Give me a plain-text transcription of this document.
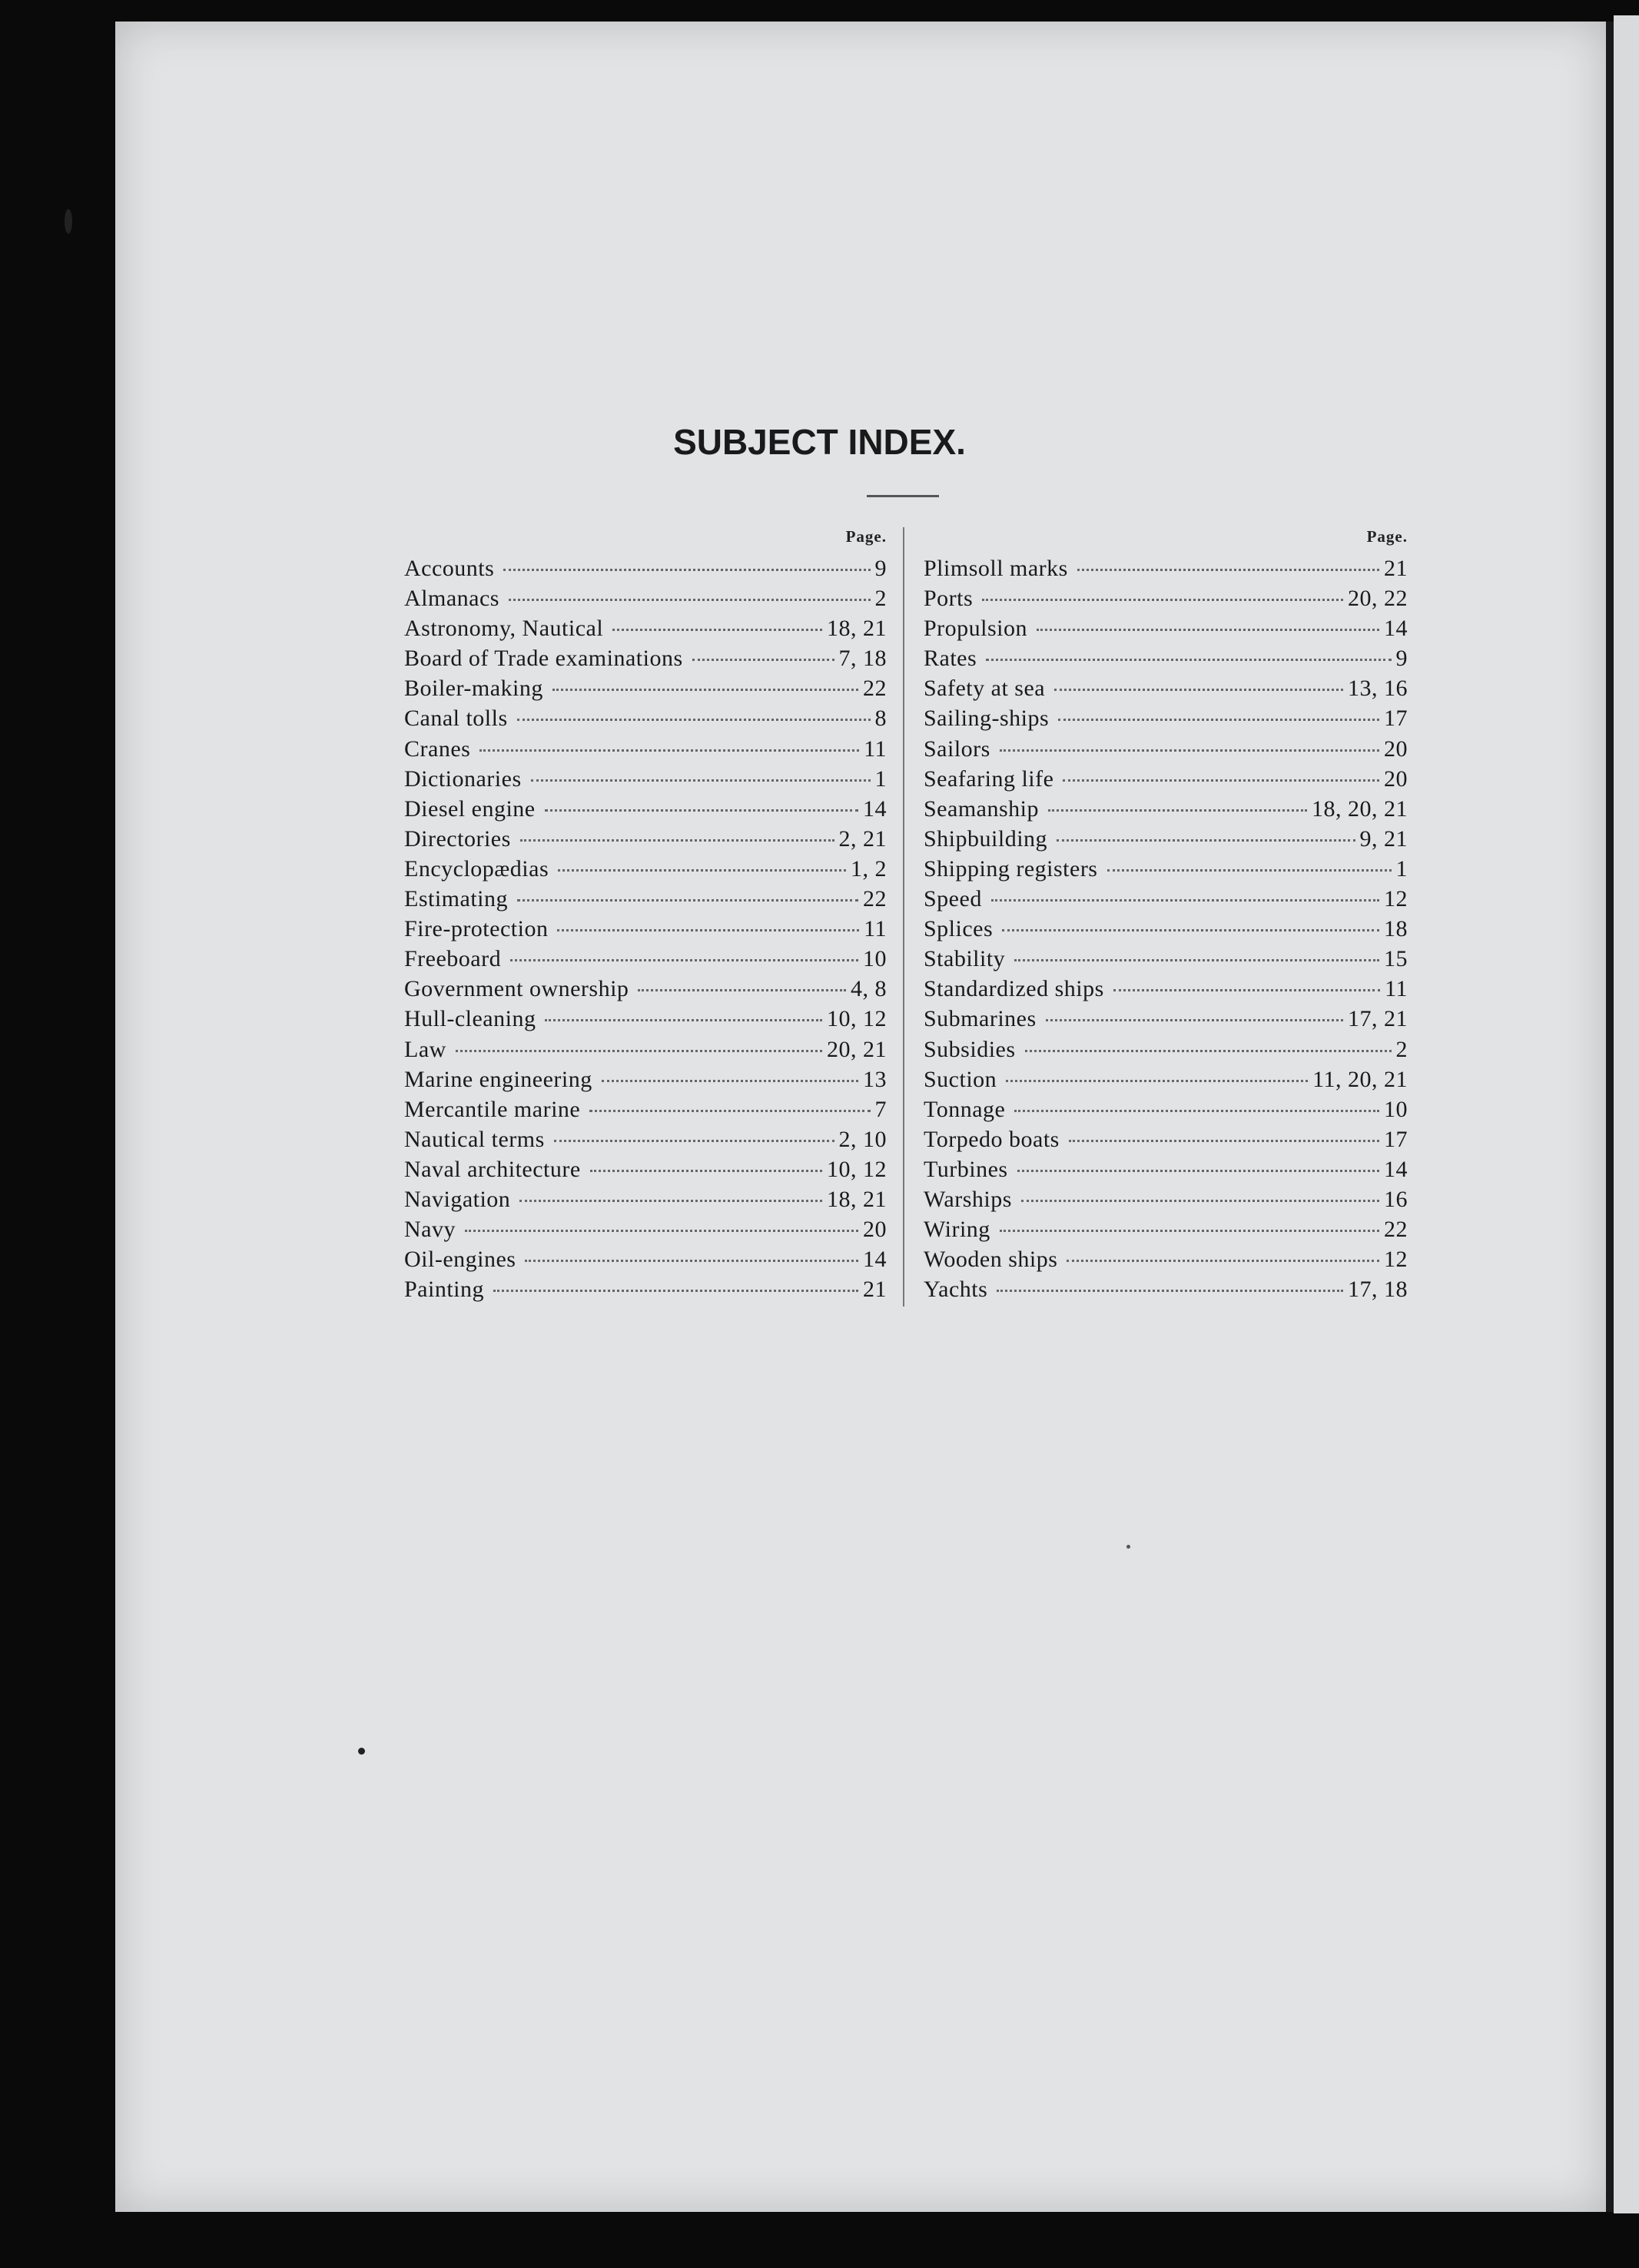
SUBJECT INDEX.
Page.
Accounts	9
Almanacs	2
Astronomy, Nautical	18, 21
Board of Trade examinations	7, 18
Boiler-making	22
Canal tolls	8
Cranes	11
Dictionaries	1
Diesel engine	14
Directories	2, 21
Encyclopædias	1, 2
Estimating	22
Fire-protection	11
Freeboard	10
Government ownership	4, 8
Hull-cleaning	10, 12
Law	20, 21
Marine engineering	13
Mercantile marine	7
Nautical terms	2, 10
Naval architecture	10, 12
Navigation	18, 21
Navy	20
Oil-engines	14
Painting	21
Page.
Plimsoll marks	21
Ports	20, 22
Propulsion	14
Rates	9
Safety at sea	13, 16
Sailing-ships	17
Sailors	20
Seafaring life	20
Seamanship	18, 20, 21
Shipbuilding	9, 21
Shipping registers	1
Speed	12
Splices	18
Stability	15
Standardized ships	11
Submarines	17, 21
Subsidies	2
Suction	11, 20, 21
Tonnage	10
Torpedo boats	17
Turbines	14
Warships	16
Wiring	22
Wooden ships	12
Yachts	17, 18
